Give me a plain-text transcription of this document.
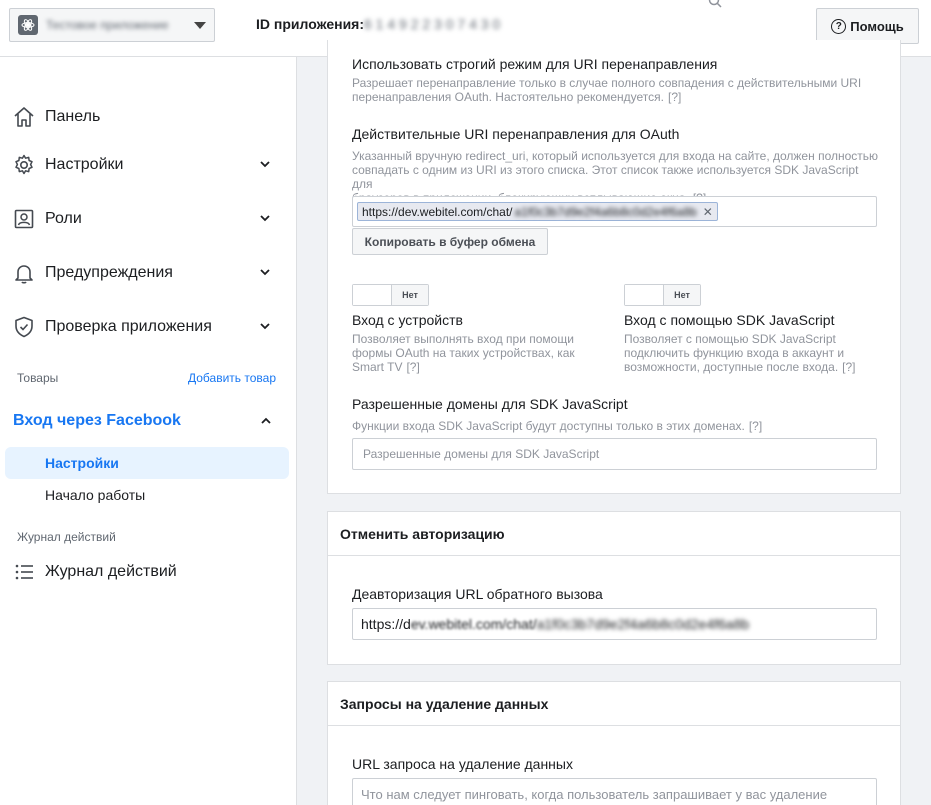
Тестовое приложение	ID приложения: 6 1 4 9 2 2 3 0 7 4 3 0	? Помощь
Панель
Настройки
Роли
Предупреждения
Проверка приложения
Товары	Добавить товар
Вход через Facebook
Настройки
Начало работы
Журнал действий
Журнал действий
Использовать строгий режим для URI перенаправления
Разрешает перенаправление только в случае полного совпадения с действительными URI
перенаправления OAuth. Настоятельно рекомендуется. [?]
Действительные URI перенаправления для OAuth
Указанный вручную redirect_uri, который используется для входа на сайте, должен полностью
совпадать с одним из URI из этого списка. Этот список также используется SDK JavaScript для
https://dev.webitel.com/chat/ a1f0c3b7d9e2f4a6b8c0d2e4f6a8b ✕
Копировать в буфер обмена
Нет
Вход с устройств
Позволяет выполнять вход при помощи
формы OAuth на таких устройствах, как
Smart TV [?]
Нет
Вход с помощью SDK JavaScript
Позволяет с помощью SDK JavaScript
подключить функцию входа в аккаунт и
возможности, доступные после входа. [?]
Разрешенные домены для SDK JavaScript
Функции входа SDK JavaScript будут доступны только в этих доменах. [?]
Разрешенные домены для SDK JavaScript
Отменить авторизацию
Деавторизация URL обратного вызова
https://d ev.webitel.com/chat/ a1f0c3b7d9e2f4a6b8c0d2e4f6a8b
Запросы на удаление данных
URL запроса на удаление данных
Что нам следует пинговать, когда пользователь запрашивает у вас удаление
